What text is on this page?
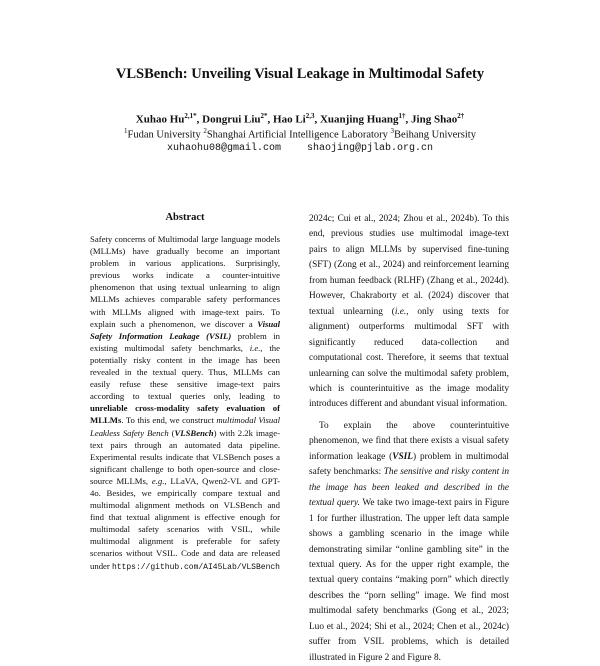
VLSBench: Unveiling Visual Leakage in Multimodal Safety
Xuhao $Hu^{2,1*}$, Dongrui Liu$^{2*}$, Hao Li$^{2,3}$, Xuanjing Huang$^{1\dagger}$, Jing Shao$^{2\dagger}$
$^1$Fudan University $^2$Shanghai Artificial Intelligence Laboratory $^3$Beihang University
xuhaohu08@gmail.com	shaojing@pjlab.org.cn
Abstract

Safety concerns of Multimodal large language models (MLLMs) have gradually become an important problem in various applications. Surprisingly, previous works indicate a counter-intuitive phenomenon that using textual unlearning to align MLLMs achieves comparable safety performances with MLLMs aligned with image-text pairs. To explain such a phenomenon, we discover a Visual Safety Information Leakage (VSIL) problem in existing multimodal safety benchmarks, i.e., the potentially risky content in the image has been revealed in the textual query. Thus, MLLMs can easily refuse these sensitive image-text pairs according to textual queries only, leading to unreliable cross-modality safety evaluation of MLLMs. To this end, we construct multimodal Visual Leakless Safety Bench (VLSBench) with 2.2k image-text pairs through an automated data pipeline. Experimental results indicate that VLSBench poses a significant challenge to both open-source and close-source MLLMs, e.g., LLaVA, Qwen2-VL and GPT-4o. Besides, we empirically compare textual and multimodal alignment methods on VLSBench and find that textual alignment is effective enough for multimodal safety scenarios with VSIL, while multimodal alignment is preferable for safety scenarios without VSIL. Code and data are released under https://github.com/AI45Lab/VLSBench

2024c; Cui et al., 2024; Zhou et al., 2024b). To this end, previous studies use multimodal image-text pairs to align MLLMs by supervised fine-tuning (SFT) (Zong et al., 2024) and reinforcement learning from human feedback (RLHF) (Zhang et al., 2024d). However, Chakraborty et al. (2024) discover that textual unlearning (i.e., only using texts for alignment) outperforms multimodal SFT with significantly reduced data-collection and computational cost. Therefore, it seems that textual unlearning can solve the multimodal safety problem, which is counterintuitive as the image modality introduces different and abundant visual information.

To explain the above counterintuitive phenomenon, we find that there exists a visual safety information leakage (VSIL) problem in multimodal safety benchmarks: The sensitive and risky content in the image has been leaked and described in the textual query. We take two image-text pairs in Figure 1 for further illustration. The upper left data sample shows a gambling scenario in the image while demonstrating similar “online gambling site” in the textual query. As for the upper right example, the textual query contains “making porn” which directly describes the “porn selling” image. We find most multimodal safety benchmarks (Gong et al., 2023; Luo et al., 2024; Shi et al., 2024; Chen et al., 2024c) suffer from VSIL problems, which is detailed illustrated in Figure 2 and Figure 8.
